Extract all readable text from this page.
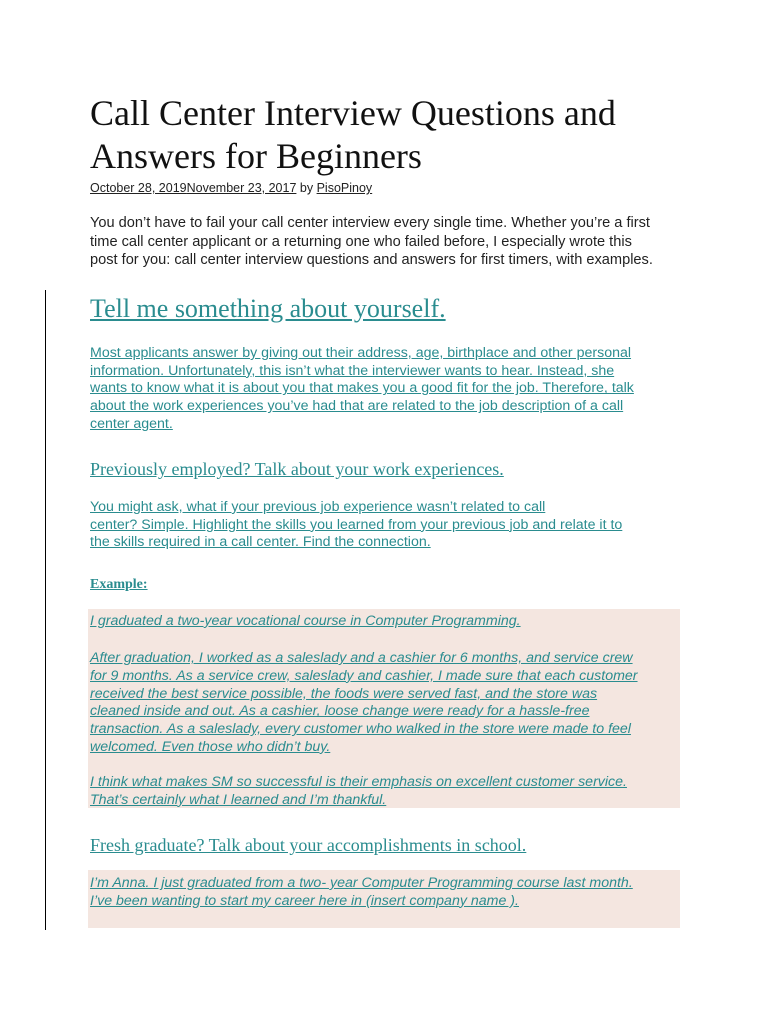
Call Center Interview Questions and Answers for Beginners
October 28, 2019November 23, 2017 by PisoPinoy

You don’t have to fail your call center interview every single time. Whether you’re a first

time call center applicant or a returning one who failed before, I especially wrote this

post for you: call center interview questions and answers for first timers, with examples.

Tell me something about yourself.
Most applicants answer by giving out their address, age, birthplace and other personal
information. Unfortunately, this isn’t what the interviewer wants to hear. Instead, she
wants to know what it is about you that makes you a good fit for the job. Therefore, talk
about the work experiences you’ve had that are related to the job description of a call
center agent.
Previously employed? Talk about your work experiences.
You might ask, what if your previous job experience wasn’t related to call
center? Simple. Highlight the skills you learned from your previous job and relate it to
the skills required in a call center. Find the connection.
Example:
I graduated a two-year vocational course in Computer Programming.
After graduation, I worked as a saleslady and a cashier for 6 months, and service crew
for 9 months. As a service crew, saleslady and cashier, I made sure that each customer
received the best service possible, the foods were served fast, and the store was
cleaned inside and out. As a cashier, loose change were ready for a hassle-free
transaction. As a saleslady, every customer who walked in the store were made to feel
welcomed. Even those who didn’t buy.
I think what makes SM so successful is their emphasis on excellent customer service.
That’s certainly what I learned and I’m thankful.
Fresh graduate? Talk about your accomplishments in school.
I’m Anna. I just graduated from a two- year Computer Programming course last month.
I’ve been wanting to start my career here in (insert company name ).
